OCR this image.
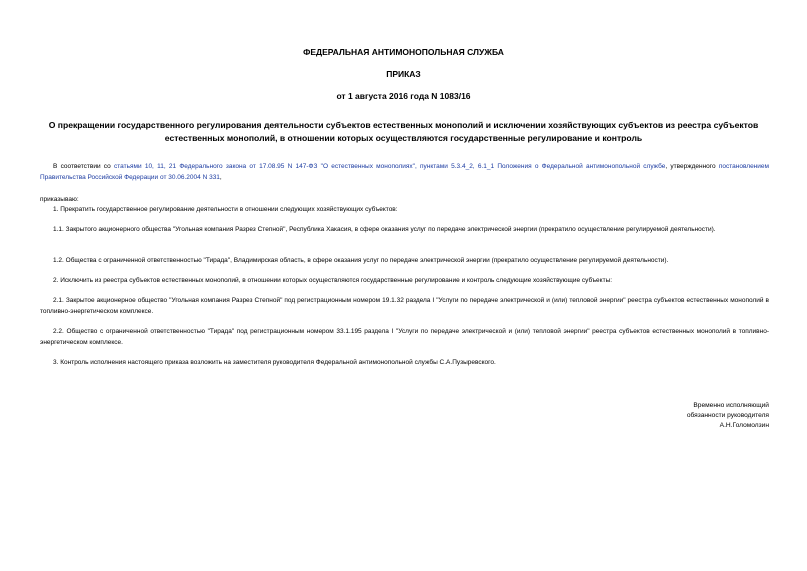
ФЕДЕРАЛЬНАЯ АНТИМОНОПОЛЬНАЯ СЛУЖБА
ПРИКАЗ
от 1 августа 2016 года N 1083/16
О прекращении государственного регулирования деятельности субъектов естественных монополий и исключении хозяйствующих субъектов из реестра субъектов естественных монополий, в отношении которых осуществляются государственные регулирование и контроль
В соответствии со статьями 10, 11, 21 Федерального закона от 17.08.95 N 147-ФЗ "О естественных монополиях", пунктами 5.3.4_2, 6.1_1 Положения о Федеральной антимонопольной службе, утвержденного постановлением Правительства Российской Федерации от 30.06.2004 N 331,
приказываю:
1. Прекратить государственное регулирование деятельности в отношении следующих хозяйствующих субъектов:
1.1. Закрытого акционерного общества "Угольная компания Разрез Степной", Республика Хакасия, в сфере оказания услуг по передаче электрической энергии (прекратило осуществление регулируемой деятельности).
1.2. Общества с ограниченной ответственностью "Тирада", Владимирская область, в сфере оказания услуг по передаче электрической энергии (прекратило осуществление регулируемой деятельности).
2. Исключить из реестра субъектов естественных монополий, в отношении которых осуществляются государственные регулирование и контроль следующие хозяйствующие субъекты:
2.1. Закрытое акционерное общество "Угольная компания Разрез Степной" под регистрационным номером 19.1.32 раздела I "Услуги по передаче электрической и (или) тепловой энергии" реестра субъектов естественных монополий в топливно-энергетическом комплексе.
2.2. Общество с ограниченной ответственностью "Тирада" под регистрационным номером 33.1.195 раздела I "Услуги по передаче электрической и (или) тепловой энергии" реестра субъектов естественных монополий в топливно-энергетическом комплексе.
3. Контроль исполнения настоящего приказа возложить на заместителя руководителя Федеральной антимонопольной службы С.А.Пузыревского.
Временно исполняющий
обязанности руководителя
А.Н.Голомолзин
